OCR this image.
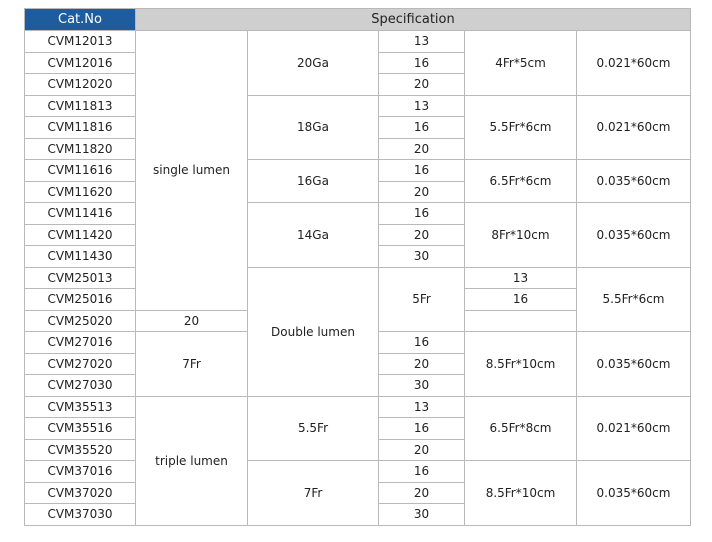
Cat.No	Specification					
CVM12013	single lumen	20Ga	13	4Fr*5cm	0.021*60cm	
CVM12016			16			
CVM12020			20			
CVM11813		18Ga	13	5.5Fr*6cm	0.021*60cm	
CVM11816			16			
CVM11820			20			
CVM11616		16Ga	16	6.5Fr*6cm	0.035*60cm	
CVM11620			20			
CVM11416		14Ga	16	8Fr*10cm	0.035*60cm	
CVM11420			20			
CVM11430			30			
CVM25013		Double lumen	5Fr	13	5.5Fr*6cm	
CVM25016				16		
CVM25020	20					
CVM27016	7Fr		16	8.5Fr*10cm	0.035*60cm	
CVM27020			20			
CVM27030			30			
CVM35513	triple lumen	5.5Fr	13	6.5Fr*8cm	0.021*60cm	
CVM35516			16			
CVM35520			20			
CVM37016		7Fr	16	8.5Fr*10cm	0.035*60cm	
CVM37020			20			
CVM37030			30			
